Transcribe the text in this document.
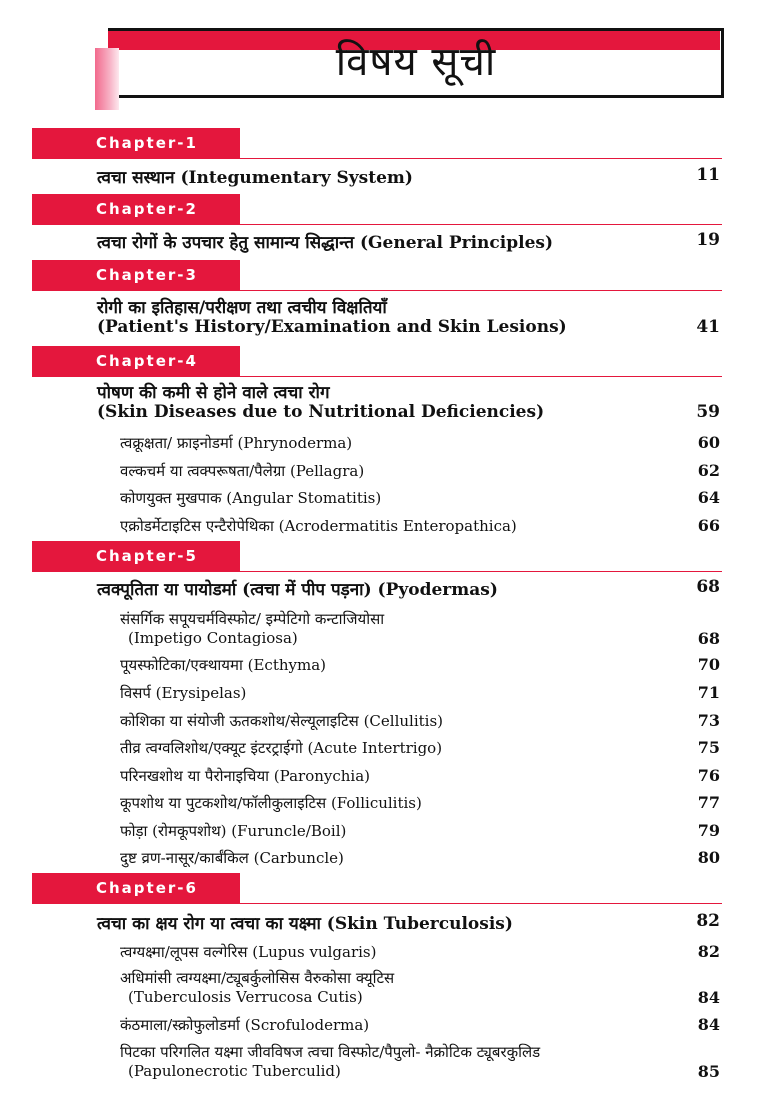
विषय सूची
Chapter-1
त्वचा सस्थान (Integumentary System)	11
Chapter-2
त्वचा रोगों के उपचार हेतु सामान्य सिद्धान्त (General Principles)	19
Chapter-3
रोगी का इतिहास/परीक्षण तथा त्वचीय विक्षतियाँ
(Patient's History/Examination and Skin Lesions)	41
Chapter-4
पोषण की कमी से होने वाले त्वचा रोग
(Skin Diseases due to Nutritional Deficiencies)	59
त्वक्रूक्षता/ फ्राइनोडर्मा (Phrynoderma)	60
वल्कचर्म या त्वक्परूषता/पैलेग्रा (Pellagra)	62
कोणयुक्त मुखपाक (Angular Stomatitis)	64
एक्रोडर्मेटाइटिस एन्टैरोपेथिका (Acrodermatitis Enteropathica)	66
Chapter-5
त्वक्पूतिता या पायोडर्मा (त्वचा में पीप पड़ना) (Pyodermas)	68
संसर्गिक सपूयचर्मविस्फोट/ इम्पेटिगो कन्टाजियोसा
(Impetigo Contagiosa)	68
पूयस्फोटिका/एक्थायमा (Ecthyma)	70
विसर्प (Erysipelas)	71
कोशिका या संयोजी ऊतकशोथ/सेल्यूलाइटिस (Cellulitis)	73
तीव्र त्वग्वलिशोथ/एक्यूट इंटरट्राईगो (Acute Intertrigo)	75
परिनखशोथ या पैरोनाइचिया (Paronychia)	76
कूपशोथ या पुटकशोथ/फॉलीकुलाइटिस (Folliculitis)	77
फोड़ा (रोमकूपशोथ) (Furuncle/Boil)	79
दुष्ट व्रण-नासूर/कार्बंकिल (Carbuncle)	80
Chapter-6
त्वचा का क्षय रोग या त्वचा का यक्ष्मा (Skin Tuberculosis)	82
त्वग्यक्ष्मा/लूपस वल्गेरिस (Lupus vulgaris)	82
अधिमांसी त्वग्यक्ष्मा/ट्यूबर्कुलोसिस वैरुकोसा क्यूटिस
(Tuberculosis Verrucosa Cutis)	84
कंठमाला/स्क्रोफुलोडर्मा (Scrofuloderma)	84
पिटका परिगलित यक्ष्मा जीवविषज त्वचा विस्फोट/पैपुलो- नैक्रोटिक ट्यूबरकुलिड
(Papulonecrotic Tuberculid)	85
